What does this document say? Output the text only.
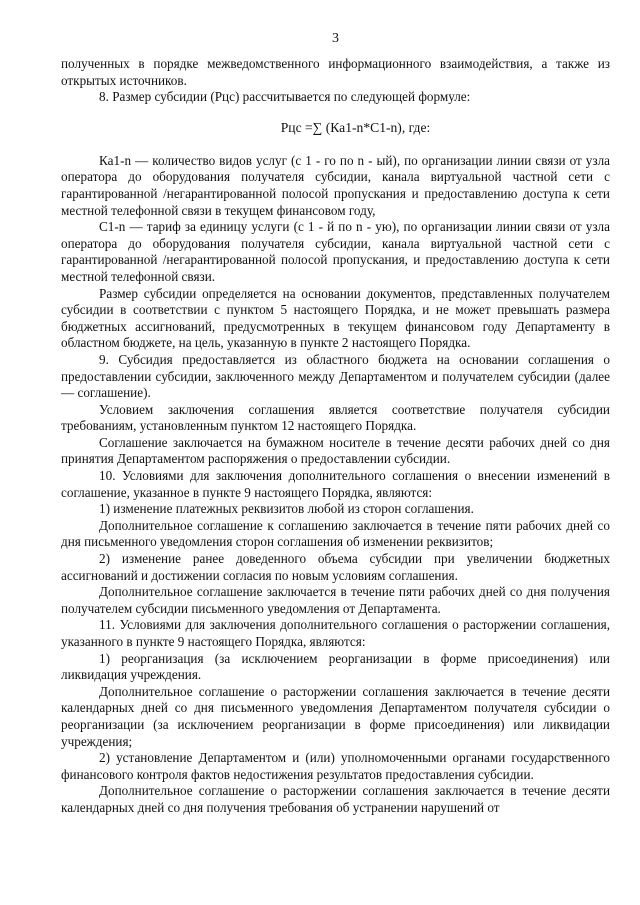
3

полученных в порядке межведомственного информационного взаимодействия, а также из открытых источников.

8. Размер субсидии (Рцс) рассчитывается по следующей формуле:

Рцс =∑ (Ка1-n*С1-n), где:

Ка1-n — количество видов услуг (с 1 - го по n - ый), по организации линии связи от узла оператора до оборудования получателя субсидии, канала виртуальной частной сети с гарантированной /негарантированной полосой пропускания и предоставлению доступа к сети местной телефонной связи в текущем финансовом году,

С1-n — тариф за единицу услуги (с 1 - й по n - ую), по организации линии связи от узла оператора до оборудования получателя субсидии, канала виртуальной частной сети с гарантированной /негарантированной полосой пропускания, и предоставлению доступа к сети местной телефонной связи.

Размер субсидии определяется на основании документов, представленных получателем субсидии в соответствии с пунктом 5 настоящего Порядка, и не может превышать размера бюджетных ассигнований, предусмотренных в текущем финансовом году Департаменту в областном бюджете, на цель, указанную в пункте 2 настоящего Порядка.

9. Субсидия предоставляется из областного бюджета на основании соглашения о предоставлении субсидии, заключенного между Департаментом и получателем субсидии (далее — соглашение).

Условием заключения соглашения является соответствие получателя субсидии требованиям, установленным пунктом 12 настоящего Порядка.

Соглашение заключается на бумажном носителе в течение десяти рабочих дней со дня принятия Департаментом распоряжения о предоставлении субсидии.

10. Условиями для заключения дополнительного соглашения о внесении изменений в соглашение, указанное в пункте 9 настоящего Порядка, являются:

1) изменение платежных реквизитов любой из сторон соглашения.

Дополнительное соглашение к соглашению заключается в течение пяти рабочих дней со дня письменного уведомления сторон соглашения об изменении реквизитов;

2) изменение ранее доведенного объема субсидии при увеличении бюджетных ассигнований и достижении согласия по новым условиям соглашения.

Дополнительное соглашение заключается в течение пяти рабочих дней со дня получения получателем субсидии письменного уведомления от Департамента.

11. Условиями для заключения дополнительного соглашения о расторжении соглашения, указанного в пункте 9 настоящего Порядка, являются:

1) реорганизация (за исключением реорганизации в форме присоединения) или ликвидация учреждения.

Дополнительное соглашение о расторжении соглашения заключается в течение десяти календарных дней со дня письменного уведомления Департаментом получателя субсидии о реорганизации (за исключением реорганизации в форме присоединения) или ликвидации учреждения;

2) установление Департаментом и (или) уполномоченными органами государственного финансового контроля фактов недостижения результатов предоставления субсидии.

Дополнительное соглашение о расторжении соглашения заключается в течение десяти календарных дней со дня получения требования об устранении нарушений от
